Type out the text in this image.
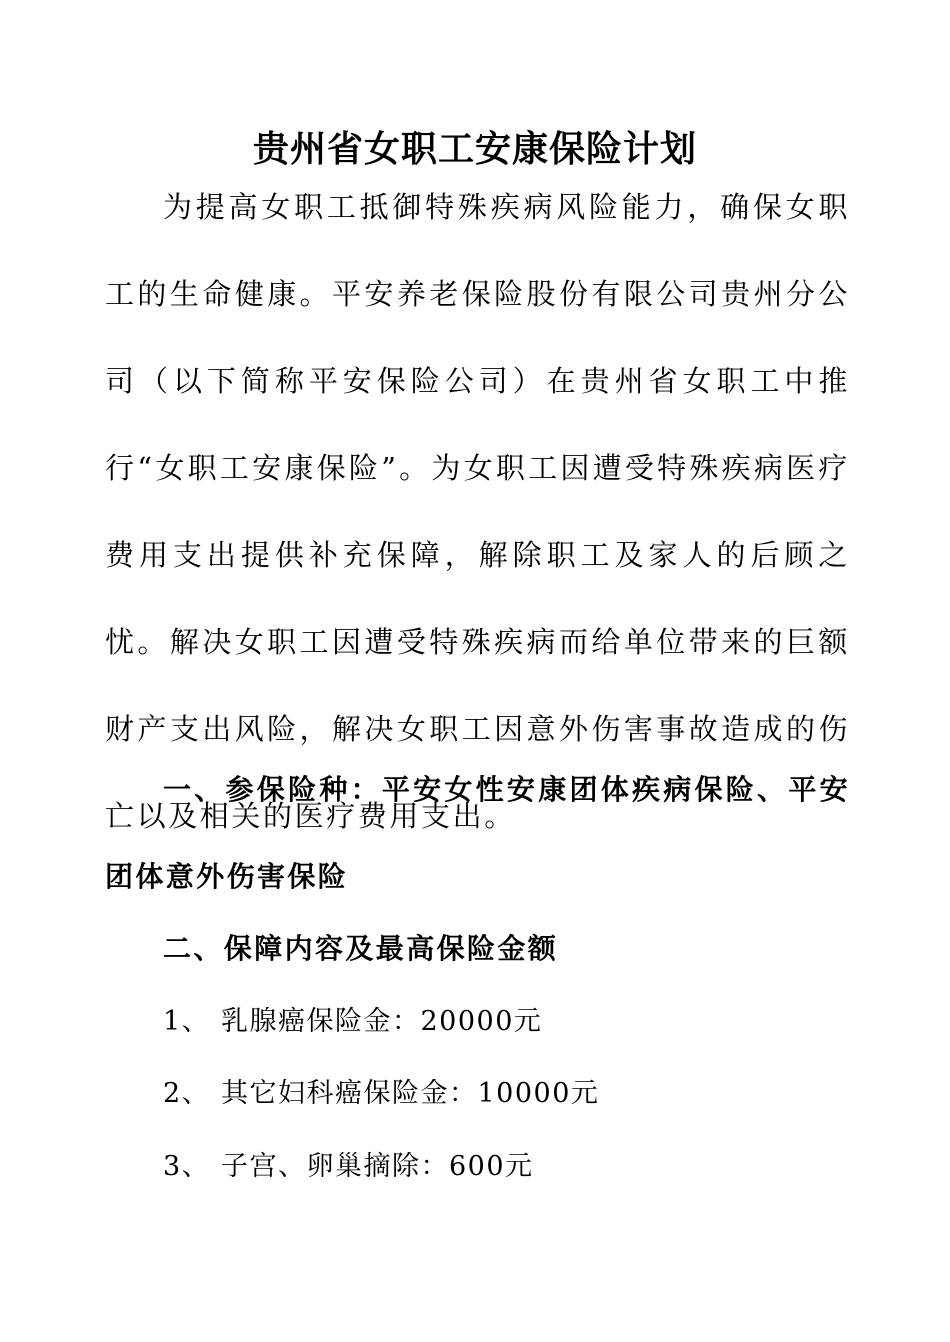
贵州省女职工安康保险计划

为提高女职工抵御特殊疾病风险能力，确保女职工的生命健康。平安养老保险股份有限公司贵州分公司（以下简称平安保险公司）在贵州省女职工中推行“女职工安康保险”。为女职工因遭受特殊疾病医疗费用支出提供补充保障，解除职工及家人的后顾之忧。解决女职工因遭受特殊疾病而给单位带来的巨额财产支出风险，解决女职工因意外伤害事故造成的伤亡以及相关的医疗费用支出。

一、参保险种：平安女性安康团体疾病保险、平安团体意外伤害保险

二、保障内容及最高保险金额

1、 乳腺癌保险金：20000元

2、 其它妇科癌保险金：10000元

3、 子宫、卵巢摘除：600元
